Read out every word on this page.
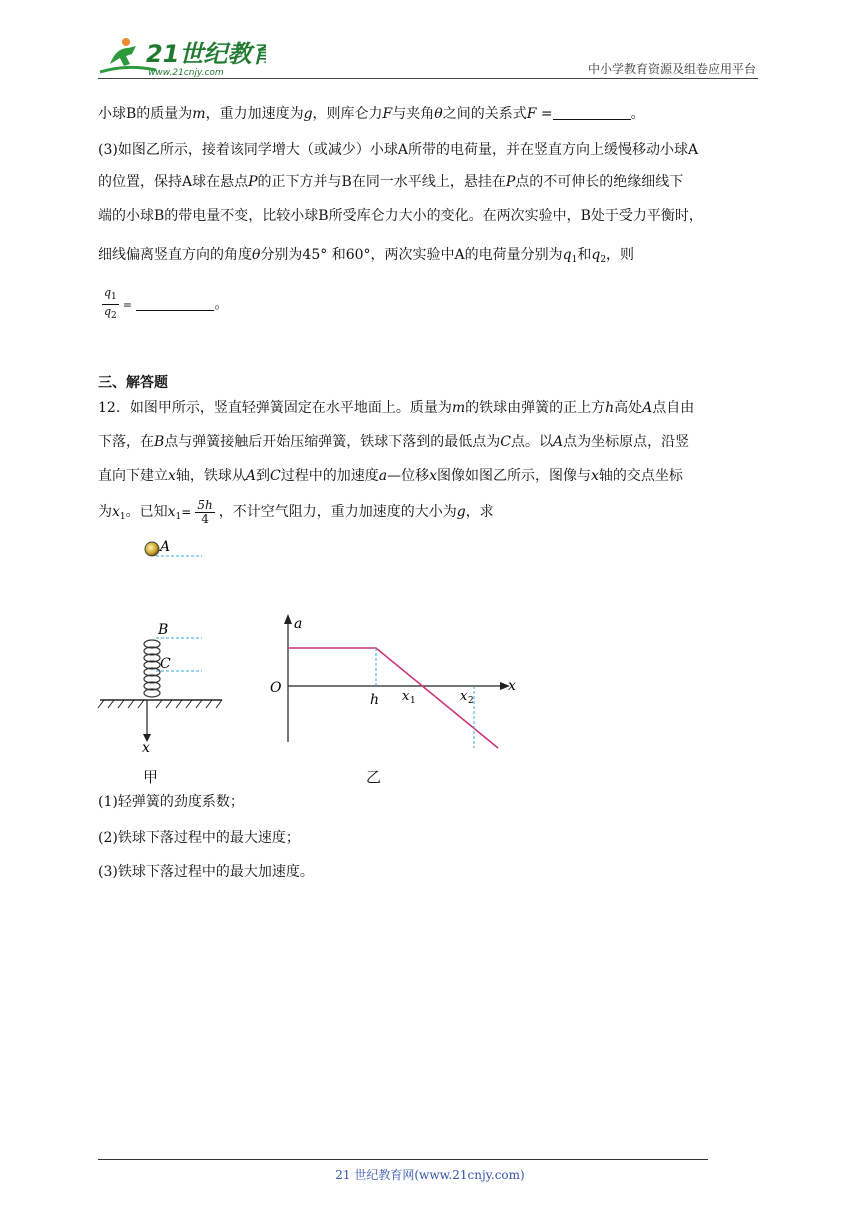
21世纪教育
www.21cnjy.com	中小学教育资源及组卷应用平台
小球B的质量为m，重力加速度为g，则库仑力F与夹角θ之间的关系式F =	。
(3)如图乙所示，接着该同学增大（或减少）小球A所带的电荷量，并在竖直方向上缓慢移动小球A
的位置，保持A球在悬点P的正下方并与B在同一水平线上，悬挂在P点的不可伸长的绝缘细线下
端的小球B的带电量不变，比较小球B所受库仑力大小的变化。在两次实验中，B处于受力平衡时，
细线偏离竖直方向的角度θ分别为45° 和60°，两次实验中A的电荷量分别为$q_1$和$q_2$，则
$\frac{q_1}{q_2}$ =	。
三、解答题
12．如图甲所示，竖直轻弹簧固定在水平地面上。质量为m的铁球由弹簧的正上方h高处A点自由
下落，在B点与弹簧接触后开始压缩弹簧，铁球下落到的最低点为C点。以A点为坐标原点，沿竖
直向下建立x轴，铁球从A到C过程中的加速度a—位移x图像如图乙所示，图像与x轴的交点坐标
为$x_1$。已知$x_1= \frac{5h}{4}$ ，不计空气阻力，重力加速度的大小为g，求
A
B
C
x
甲
a
O	x
h x 1	x 2
乙
(1)轻弹簧的劲度系数；
(2)铁球下落过程中的最大速度；
(3)铁球下落过程中的最大加速度。
21 世纪教育网(www.21cnjy.com)
